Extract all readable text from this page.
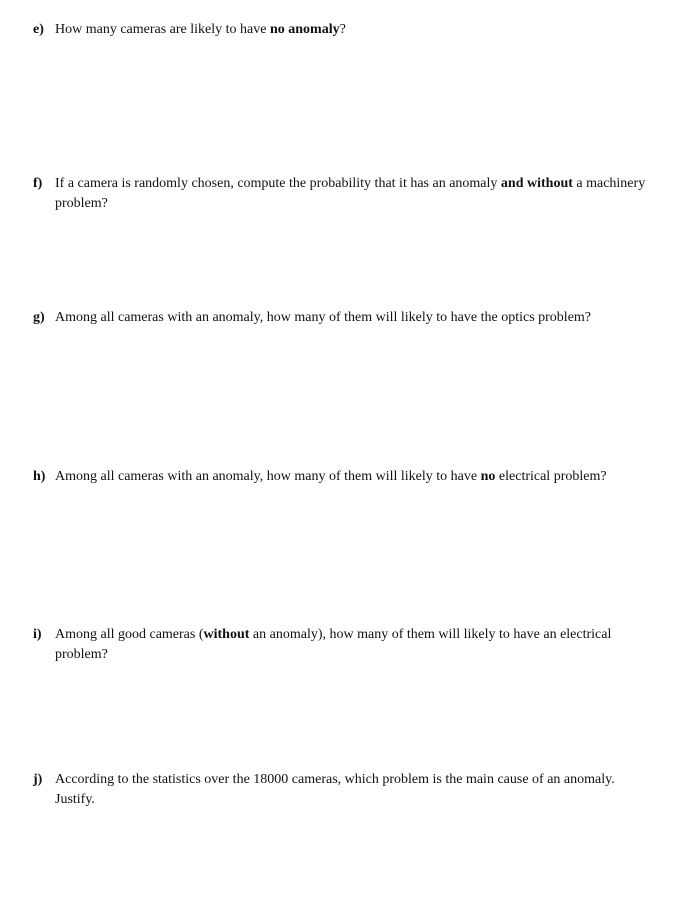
e) How many cameras are likely to have no anomaly?
f) If a camera is randomly chosen, compute the probability that it has an anomaly and without a machinery problem?
g) Among all cameras with an anomaly, how many of them will likely to have the optics problem?
h) Among all cameras with an anomaly, how many of them will likely to have no electrical problem?
i) Among all good cameras (without an anomaly), how many of them will likely to have an electrical problem?
j) According to the statistics over the 18000 cameras, which problem is the main cause of an anomaly. Justify.
